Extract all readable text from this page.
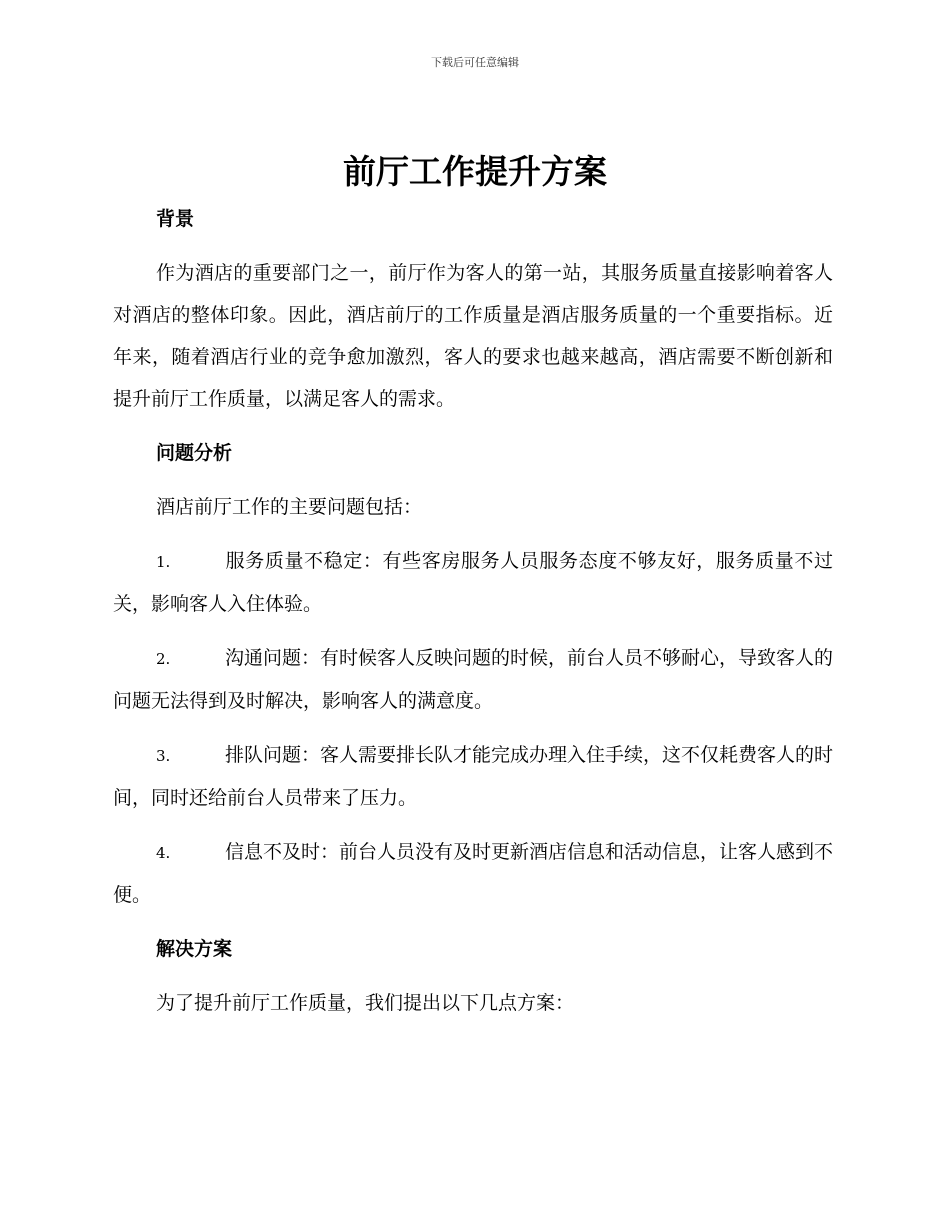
下载后可任意编辑
前厅工作提升方案
背景

作为酒店的重要部门之一，前厅作为客人的第一站，其服务质量直接影响着客人对酒店的整体印象。因此，酒店前厅的工作质量是酒店服务质量的一个重要指标。近年来，随着酒店行业的竞争愈加激烈，客人的要求也越来越高，酒店需要不断创新和提升前厅工作质量，以满足客人的需求。

问题分析

酒店前厅工作的主要问题包括：

1.	服务质量不稳定：有些客房服务人员服务态度不够友好，服务质量不过关，影响客人入住体验。

2.	沟通问题：有时候客人反映问题的时候，前台人员不够耐心，导致客人的问题无法得到及时解决，影响客人的满意度。

3.	排队问题：客人需要排长队才能完成办理入住手续，这不仅耗费客人的时间，同时还给前台人员带来了压力。

4.	信息不及时：前台人员没有及时更新酒店信息和活动信息，让客人感到不便。

解决方案

为了提升前厅工作质量，我们提出以下几点方案：
